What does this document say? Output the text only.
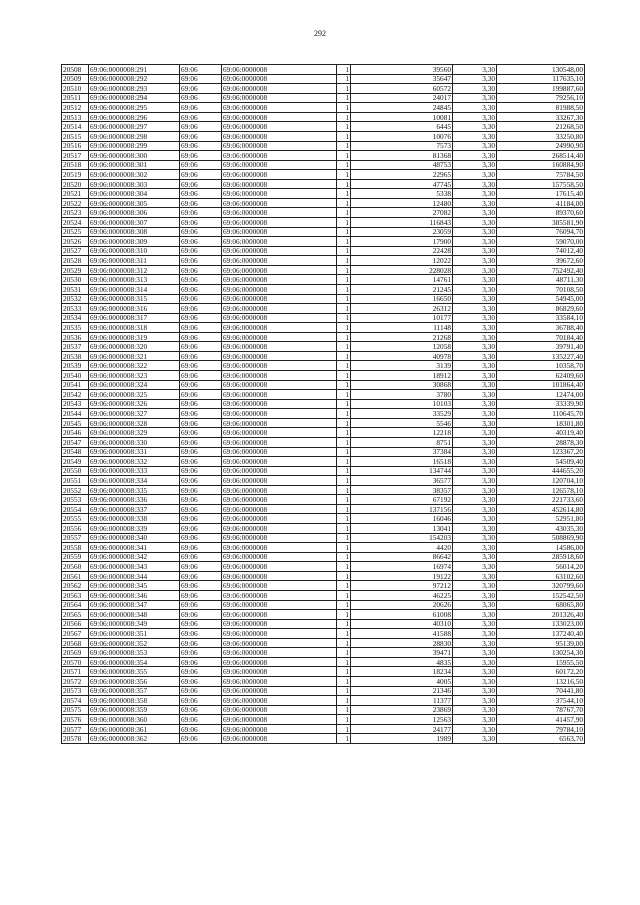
292
20508	69:06:0000008:291	69:06	69:06:0000008	1	39560	3,30	130548,00
20509	69:06:0000008:292	69:06	69:06:0000008	1	35647	3,30	117635,10
20510	69:06:0000008:293	69:06	69:06:0000008	1	60572	3,30	199887,60
20511	69:06:0000008:294	69:06	69:06:0000008	1	24017	3,30	79256,10
20512	69:06:0000008:295	69:06	69:06:0000008	1	24845	3,30	81988,50
20513	69:06:0000008:296	69:06	69:06:0000008	1	10081	3,30	33267,30
20514	69:06:0000008:297	69:06	69:06:0000008	1	6445	3,30	21268,50
20515	69:06:0000008:298	69:06	69:06:0000008	1	10076	3,30	33250,80
20516	69:06:0000008:299	69:06	69:06:0000008	1	7573	3,30	24990,90
20517	69:06:0000008:300	69:06	69:06:0000008	1	81368	3,30	268514,40
20518	69:06:0000008:301	69:06	69:06:0000008	1	48753	3,30	160884,90
20519	69:06:0000008:302	69:06	69:06:0000008	1	22965	3,30	75784,50
20520	69:06:0000008:303	69:06	69:06:0000008	1	47745	3,30	157558,50
20521	69:06:0000008:304	69:06	69:06:0000008	1	5338	3,30	17615,40
20522	69:06:0000008:305	69:06	69:06:0000008	1	12480	3,30	41184,00
20523	69:06:0000008:306	69:06	69:06:0000008	1	27082	3,30	89370,60
20524	69:06:0000008:307	69:06	69:06:0000008	1	116843	3,30	385581,90
20525	69:06:0000008:308	69:06	69:06:0000008	1	23059	3,30	76094,70
20526	69:06:0000008:309	69:06	69:06:0000008	1	17900	3,30	59070,00
20527	69:06:0000008:310	69:06	69:06:0000008	1	22428	3,30	74012,40
20528	69:06:0000008:311	69:06	69:06:0000008	1	12022	3,30	39672,60
20529	69:06:0000008:312	69:06	69:06:0000008	1	228028	3,30	752492,40
20530	69:06:0000008:313	69:06	69:06:0000008	1	14761	3,30	48711,30
20531	69:06:0000008:314	69:06	69:06:0000008	1	21245	3,30	70108,50
20532	69:06:0000008:315	69:06	69:06:0000008	1	16650	3,30	54945,00
20533	69:06:0000008:316	69:06	69:06:0000008	1	26312	3,30	86829,60
20534	69:06:0000008:317	69:06	69:06:0000008	1	10177	3,30	33584,10
20535	69:06:0000008:318	69:06	69:06:0000008	1	11148	3,30	36788,40
20536	69:06:0000008:319	69:06	69:06:0000008	1	21268	3,30	70184,40
20537	69:06:0000008:320	69:06	69:06:0000008	1	12058	3,30	39791,40
20538	69:06:0000008:321	69:06	69:06:0000008	1	40978	3,30	135227,40
20539	69:06:0000008:322	69:06	69:06:0000008	1	3139	3,30	10358,70
20540	69:06:0000008:323	69:06	69:06:0000008	1	18912	3,30	62409,60
20541	69:06:0000008:324	69:06	69:06:0000008	1	30868	3,30	101864,40
20542	69:06:0000008:325	69:06	69:06:0000008	1	3780	3,30	12474,00
20543	69:06:0000008:326	69:06	69:06:0000008	1	10103	3,30	33339,90
20544	69:06:0000008:327	69:06	69:06:0000008	1	33529	3,30	110645,70
20545	69:06:0000008:328	69:06	69:06:0000008	1	5546	3,30	18301,80
20546	69:06:0000008:329	69:06	69:06:0000008	1	12218	3,30	40319,40
20547	69:06:0000008:330	69:06	69:06:0000008	1	8751	3,30	28878,30
20548	69:06:0000008:331	69:06	69:06:0000008	1	37384	3,30	123367,20
20549	69:06:0000008:332	69:06	69:06:0000008	1	16518	3,30	54509,40
20550	69:06:0000008:333	69:06	69:06:0000008	1	134744	3,30	444655,20
20551	69:06:0000008:334	69:06	69:06:0000008	1	36577	3,30	120704,10
20552	69:06:0000008:335	69:06	69:06:0000008	1	38357	3,30	126578,10
20553	69:06:0000008:336	69:06	69:06:0000008	1	67192	3,30	221733,60
20554	69:06:0000008:337	69:06	69:06:0000008	1	137156	3,30	452614,80
20555	69:06:0000008:338	69:06	69:06:0000008	1	16046	3,30	52951,80
20556	69:06:0000008:339	69:06	69:06:0000008	1	13041	3,30	43035,30
20557	69:06:0000008:340	69:06	69:06:0000008	1	154203	3,30	508869,90
20558	69:06:0000008:341	69:06	69:06:0000008	1	4420	3,30	14586,00
20559	69:06:0000008:342	69:06	69:06:0000008	1	86642	3,30	285918,60
20560	69:06:0000008:343	69:06	69:06:0000008	1	16974	3,30	56014,20
20561	69:06:0000008:344	69:06	69:06:0000008	1	19122	3,30	63102,60
20562	69:06:0000008:345	69:06	69:06:0000008	1	97212	3,30	320799,60
20563	69:06:0000008:346	69:06	69:06:0000008	1	46225	3,30	152542,50
20564	69:06:0000008:347	69:06	69:06:0000008	1	20626	3,30	68065,80
20565	69:06:0000008:348	69:06	69:06:0000008	1	61008	3,30	201326,40
20566	69:06:0000008:349	69:06	69:06:0000008	1	40310	3,30	133023,00
20567	69:06:0000008:351	69:06	69:06:0000008	1	41588	3,30	137240,40
20568	69:06:0000008:352	69:06	69:06:0000008	1	28830	3,30	95139,00
20569	69:06:0000008:353	69:06	69:06:0000008	1	39471	3,30	130254,30
20570	69:06:0000008:354	69:06	69:06:0000008	1	4835	3,30	15955,50
20571	69:06:0000008:355	69:06	69:06:0000008	1	18234	3,30	60172,20
20572	69:06:0000008:356	69:06	69:06:0000008	1	4005	3,30	13216,50
20573	69:06:0000008:357	69:06	69:06:0000008	1	21346	3,30	70441,80
20574	69:06:0000008:358	69:06	69:06:0000008	1	11377	3,30	37544,10
20575	69:06:0000008:359	69:06	69:06:0000008	1	23869	3,30	78767,70
20576	69:06:0000008:360	69:06	69:06:0000008	1	12563	3,30	41457,90
20577	69:06:0000008:361	69:06	69:06:0000008	1	24177	3,30	79784,10
20578	69:06:0000008:362	69:06	69:06:0000008	1	1989	3,30	6563,70
